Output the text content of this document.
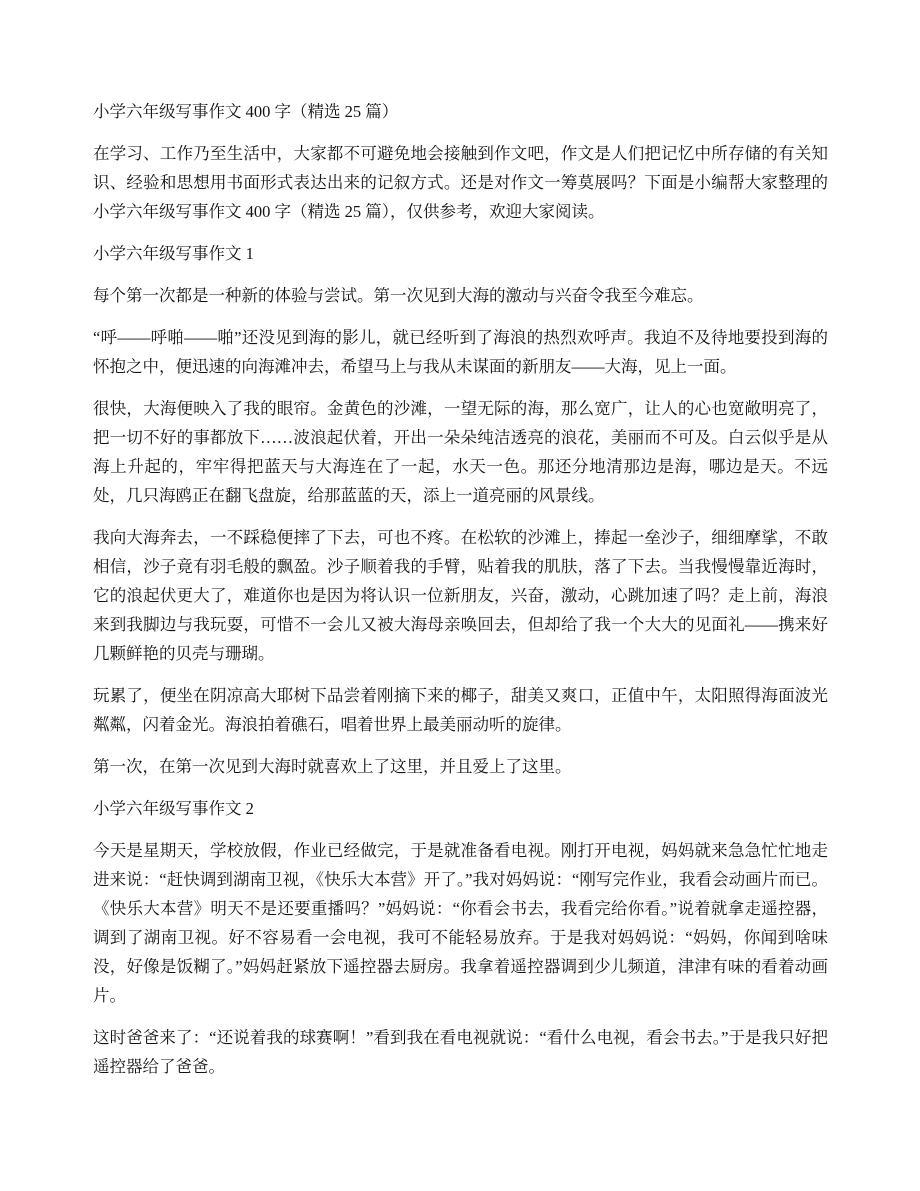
小学六年级写事作文 400 字（精选 25 篇）

在学习、工作乃至生活中，大家都不可避免地会接触到作文吧，作文是人们把记忆中所存储的有关知识、经验和思想用书面形式表达出来的记叙方式。还是对作文一筹莫展吗？下面是小编帮大家整理的小学六年级写事作文 400 字（精选 25 篇），仅供参考，欢迎大家阅读。

小学六年级写事作文 1

每个第一次都是一种新的体验与尝试。第一次见到大海的激动与兴奋令我至今难忘。

“呼——呼啪——啪”还没见到海的影儿，就已经听到了海浪的热烈欢呼声。我迫不及待地要投到海的怀抱之中，便迅速的向海滩冲去，希望马上与我从未谋面的新朋友——大海，见上一面。

很快，大海便映入了我的眼帘。金黄色的沙滩，一望无际的海，那么宽广，让人的心也宽敞明亮了，把一切不好的事都放下……波浪起伏着，开出一朵朵纯洁透亮的浪花，美丽而不可及。白云似乎是从海上升起的，牢牢得把蓝天与大海连在了一起，水天一色。那还分地清那边是海，哪边是天。不远处，几只海鸥正在翻飞盘旋，给那蓝蓝的天，添上一道亮丽的风景线。

我向大海奔去，一不踩稳便摔了下去，可也不疼。在松软的沙滩上，捧起一垒沙子，细细摩挲，不敢相信，沙子竟有羽毛般的飘盈。沙子顺着我的手臂，贴着我的肌肤，落了下去。当我慢慢靠近海时，它的浪起伏更大了，难道你也是因为将认识一位新朋友，兴奋，激动，心跳加速了吗？走上前，海浪来到我脚边与我玩耍，可惜不一会儿又被大海母亲唤回去，但却给了我一个大大的见面礼——携来好几颗鲜艳的贝壳与珊瑚。

玩累了，便坐在阴凉高大耶树下品尝着刚摘下来的椰子，甜美又爽口，正值中午，太阳照得海面波光粼粼，闪着金光。海浪拍着礁石，唱着世界上最美丽动听的旋律。

第一次，在第一次见到大海时就喜欢上了这里，并且爱上了这里。

小学六年级写事作文 2

今天是星期天，学校放假，作业已经做完，于是就准备看电视。刚打开电视，妈妈就来急急忙忙地走进来说：“赶快调到湖南卫视，《快乐大本营》开了。”我对妈妈说：“刚写完作业，我看会动画片而已。《快乐大本营》明天不是还要重播吗？”妈妈说：“你看会书去，我看完给你看。”说着就拿走遥控器，调到了湖南卫视。好不容易看一会电视，我可不能轻易放弃。于是我对妈妈说：“妈妈，你闻到啥味没，好像是饭糊了。”妈妈赶紧放下遥控器去厨房。我拿着遥控器调到少儿频道，津津有味的看着动画片。

这时爸爸来了：“还说着我的球赛啊！”看到我在看电视就说：“看什么电视，看会书去。”于是我只好把遥控器给了爸爸。
